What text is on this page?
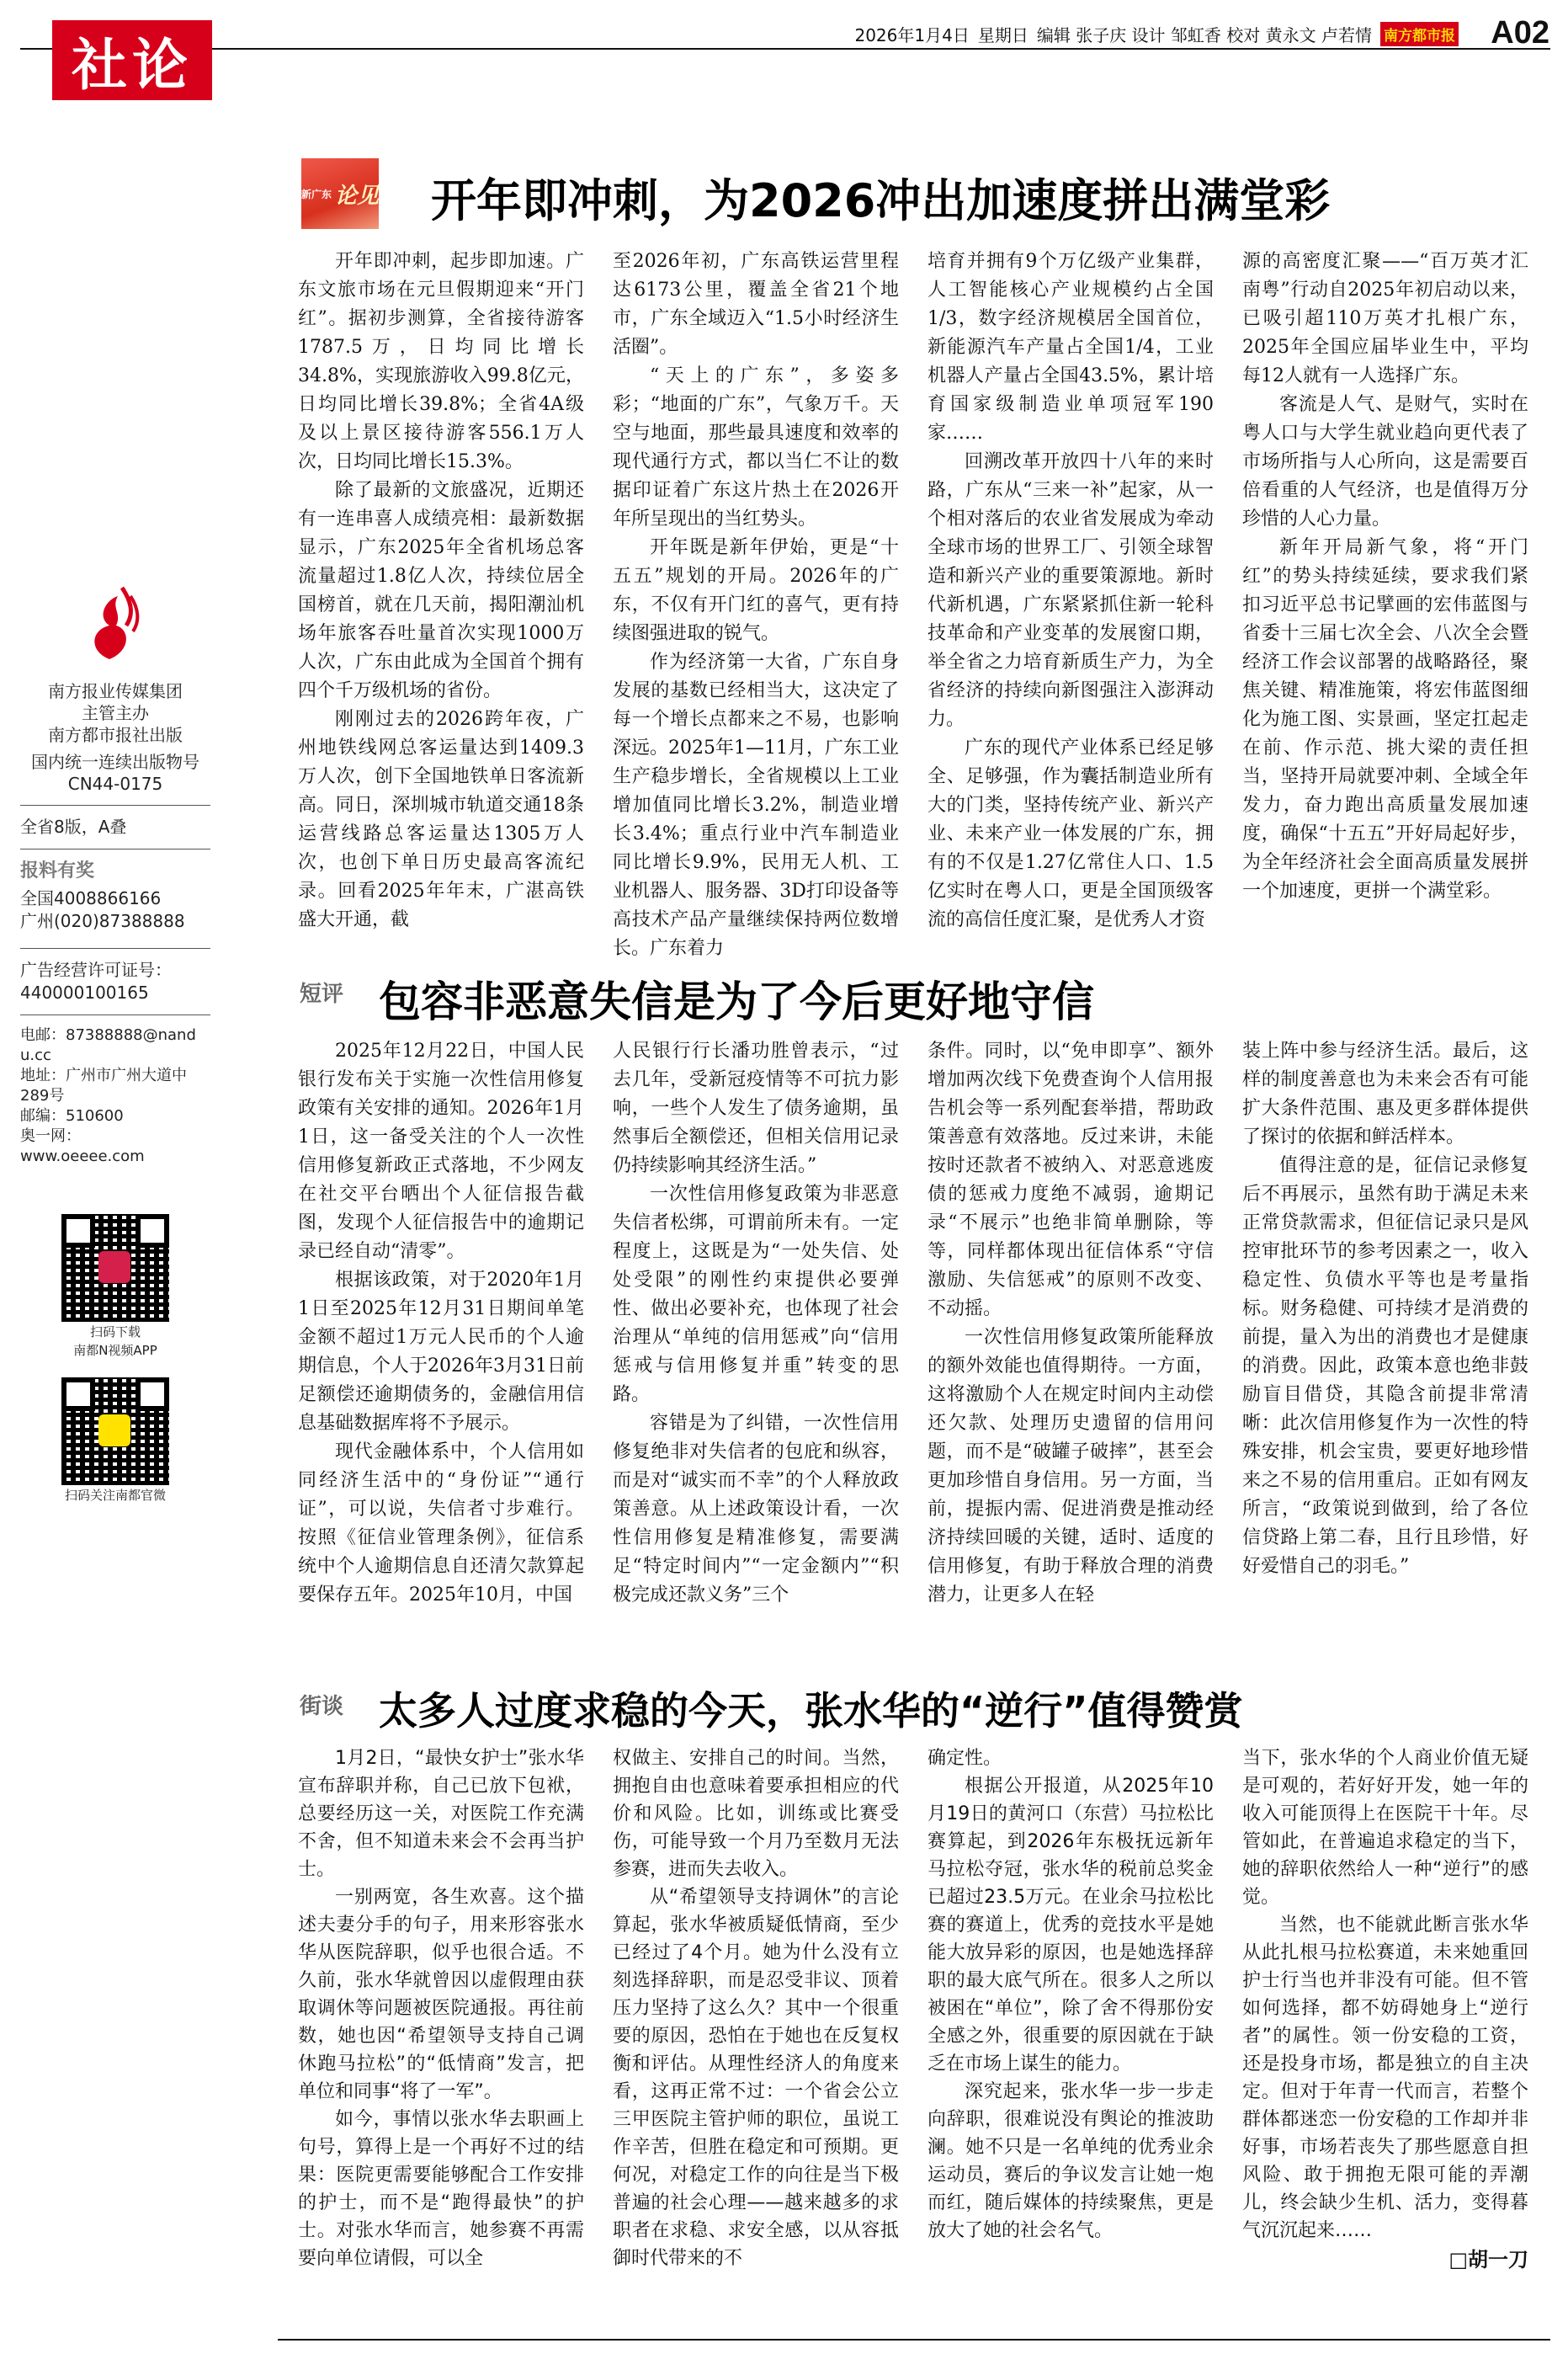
社论	2026年1月4日 星期日 编辑 张子庆 设计 邹虹香 校对 黄永文 卢若情 南方都市报 A02
南方报业传媒集团
主管主办
南方都市报社出版
国内统一连续出版物号
CN44-0175
全省8版，A叠
报料有奖
全国4008866166
广州(020)87388888
广告经营许可证号：
440000100165
电邮：87388888@nandu.cc
地址：广州市广州大道中289号
邮编：510600
奥一网：
www.oeeee.com
扫码下载
南都N视频APP
扫码关注南都官微
新广东 论见 开年即冲刺，为2026冲出加速度拼出满堂彩

开年即冲刺，起步即加速。广东文旅市场在元旦假期迎来“开门红”。据初步测算，全省接待游客1787.5万，日均同比增长34.8%，实现旅游收入99.8亿元，日均同比增长39.8%；全省4A级及以上景区接待游客556.1万人次，日均同比增长15.3%。

除了最新的文旅盛况，近期还有一连串喜人成绩亮相：最新数据显示，广东2025年全省机场总客流量超过1.8亿人次，持续位居全国榜首，就在几天前，揭阳潮汕机场年旅客吞吐量首次实现1000万人次，广东由此成为全国首个拥有四个千万级机场的省份。

刚刚过去的2026跨年夜，广州地铁线网总客运量达到1409.3万人次，创下全国地铁单日客流新高。同日，深圳城市轨道交通18条运营线路总客运量达1305万人次，也创下单日历史最高客流纪录。回看2025年年末，广湛高铁盛大开通，截

至2026年初，广东高铁运营里程达6173公里，覆盖全省21个地市，广东全域迈入“1.5小时经济生活圈”。

“天上的广东”，多姿多彩；“地面的广东”，气象万千。天空与地面，那些最具速度和效率的现代通行方式，都以当仁不让的数据印证着广东这片热土在2026开年所呈现出的当红势头。

开年既是新年伊始，更是“十五五”规划的开局。2026年的广东，不仅有开门红的喜气，更有持续图强进取的锐气。

作为经济第一大省，广东自身发展的基数已经相当大，这决定了每一个增长点都来之不易，也影响深远。2025年1—11月，广东工业生产稳步增长，全省规模以上工业增加值同比增长3.2%，制造业增长3.4%；重点行业中汽车制造业同比增长9.9%，民用无人机、工业机器人、服务器、3D打印设备等高技术产品产量继续保持两位数增长。广东着力

培育并拥有9个万亿级产业集群，人工智能核心产业规模约占全国1/3，数字经济规模居全国首位，新能源汽车产量占全国1/4，工业机器人产量占全国43.5%，累计培育国家级制造业单项冠军190家……

回溯改革开放四十八年的来时路，广东从“三来一补”起家，从一个相对落后的农业省发展成为牵动全球市场的世界工厂、引领全球智造和新兴产业的重要策源地。新时代新机遇，广东紧紧抓住新一轮科技革命和产业变革的发展窗口期，举全省之力培育新质生产力，为全省经济的持续向新图强注入澎湃动力。

广东的现代产业体系已经足够全、足够强，作为囊括制造业所有大的门类，坚持传统产业、新兴产业、未来产业一体发展的广东，拥有的不仅是1.27亿常住人口、1.5亿实时在粤人口，更是全国顶级客流的高信任度汇聚，是优秀人才资

源的高密度汇聚——“百万英才汇南粤”行动自2025年初启动以来，已吸引超110万英才扎根广东，2025年全国应届毕业生中，平均每12人就有一人选择广东。

客流是人气、是财气，实时在粤人口与大学生就业趋向更代表了市场所指与人心所向，这是需要百倍看重的人气经济，也是值得万分珍惜的人心力量。

新年开局新气象，将“开门红”的势头持续延续，要求我们紧扣习近平总书记擘画的宏伟蓝图与省委十三届七次全会、八次全会暨经济工作会议部署的战略路径，聚焦关键、精准施策，将宏伟蓝图细化为施工图、实景画，坚定扛起走在前、作示范、挑大梁的责任担当，坚持开局就要冲刺、全域全年发力，奋力跑出高质量发展加速度，确保“十五五”开好局起好步，为全年经济社会全面高质量发展拼一个加速度，更拼一个满堂彩。

短评 包容非恶意失信是为了今后更好地守信

2025年12月22日，中国人民银行发布关于实施一次性信用修复政策有关安排的通知。2026年1月1日，这一备受关注的个人一次性信用修复新政正式落地，不少网友在社交平台晒出个人征信报告截图，发现个人征信报告中的逾期记录已经自动“清零”。

根据该政策，对于2020年1月1日至2025年12月31日期间单笔金额不超过1万元人民币的个人逾期信息，个人于2026年3月31日前足额偿还逾期债务的，金融信用信息基础数据库将不予展示。

现代金融体系中，个人信用如同经济生活中的“身份证”“通行证”，可以说，失信者寸步难行。按照《征信业管理条例》，征信系统中个人逾期信息自还清欠款算起要保存五年。2025年10月，中国

人民银行行长潘功胜曾表示，“过去几年，受新冠疫情等不可抗力影响，一些个人发生了债务逾期，虽然事后全额偿还，但相关信用记录仍持续影响其经济生活。”

一次性信用修复政策为非恶意失信者松绑，可谓前所未有。一定程度上，这既是为“一处失信、处处受限”的刚性约束提供必要弹性、做出必要补充，也体现了社会治理从“单纯的信用惩戒”向“信用惩戒与信用修复并重”转变的思路。

容错是为了纠错，一次性信用修复绝非对失信者的包庇和纵容，而是对“诚实而不幸”的个人释放政策善意。从上述政策设计看，一次性信用修复是精准修复，需要满足“特定时间内”“一定金额内”“积极完成还款义务”三个

条件。同时，以“免申即享”、额外增加两次线下免费查询个人信用报告机会等一系列配套举措，帮助政策善意有效落地。反过来讲，未能按时还款者不被纳入、对恶意逃废债的惩戒力度绝不减弱，逾期记录“不展示”也绝非简单删除，等等，同样都体现出征信体系“守信激励、失信惩戒”的原则不改变、不动摇。

一次性信用修复政策所能释放的额外效能也值得期待。一方面，这将激励个人在规定时间内主动偿还欠款、处理历史遗留的信用问题，而不是“破罐子破摔”，甚至会更加珍惜自身信用。另一方面，当前，提振内需、促进消费是推动经济持续回暖的关键，适时、适度的信用修复，有助于释放合理的消费潜力，让更多人在轻

装上阵中参与经济生活。最后，这样的制度善意也为未来会否有可能扩大条件范围、惠及更多群体提供了探讨的依据和鲜活样本。

值得注意的是，征信记录修复后不再展示，虽然有助于满足未来正常贷款需求，但征信记录只是风控审批环节的参考因素之一，收入稳定性、负债水平等也是考量指标。财务稳健、可持续才是消费的前提，量入为出的消费也才是健康的消费。因此，政策本意也绝非鼓励盲目借贷，其隐含前提非常清晰：此次信用修复作为一次性的特殊安排，机会宝贵，要更好地珍惜来之不易的信用重启。正如有网友所言，“政策说到做到，给了各位信贷路上第二春，且行且珍惜，好好爱惜自己的羽毛。”

街谈 太多人过度求稳的今天，张水华的“逆行”值得赞赏

1月2日，“最快女护士”张水华宣布辞职并称，自己已放下包袱，总要经历这一关，对医院工作充满不舍，但不知道未来会不会再当护士。

一别两宽，各生欢喜。这个描述夫妻分手的句子，用来形容张水华从医院辞职，似乎也很合适。不久前，张水华就曾因以虚假理由获取调休等问题被医院通报。再往前数，她也因“希望领导支持自己调休跑马拉松”的“低情商”发言，把单位和同事“将了一军”。

如今，事情以张水华去职画上句号，算得上是一个再好不过的结果：医院更需要能够配合工作安排的护士，而不是“跑得最快”的护士。对张水华而言，她参赛不再需要向单位请假，可以全

权做主、安排自己的时间。当然，拥抱自由也意味着要承担相应的代价和风险。比如，训练或比赛受伤，可能导致一个月乃至数月无法参赛，进而失去收入。

从“希望领导支持调休”的言论算起，张水华被质疑低情商，至少已经过了4个月。她为什么没有立刻选择辞职，而是忍受非议、顶着压力坚持了这么久？其中一个很重要的原因，恐怕在于她也在反复权衡和评估。从理性经济人的角度来看，这再正常不过：一个省会公立三甲医院主管护师的职位，虽说工作辛苦，但胜在稳定和可预期。更何况，对稳定工作的向往是当下极普遍的社会心理——越来越多的求职者在求稳、求安全感，以从容抵御时代带来的不

确定性。

根据公开报道，从2025年10月19日的黄河口（东营）马拉松比赛算起，到2026年东极抚远新年马拉松夺冠，张水华的税前总奖金已超过23.5万元。在业余马拉松比赛的赛道上，优秀的竞技水平是她能大放异彩的原因，也是她选择辞职的最大底气所在。很多人之所以被困在“单位”，除了舍不得那份安全感之外，很重要的原因就在于缺乏在市场上谋生的能力。

深究起来，张水华一步一步走向辞职，很难说没有舆论的推波助澜。她不只是一名单纯的优秀业余运动员，赛后的争议发言让她一炮而红，随后媒体的持续聚焦，更是放大了她的社会名气。

当下，张水华的个人商业价值无疑是可观的，若好好开发，她一年的收入可能顶得上在医院干十年。尽管如此，在普遍追求稳定的当下，她的辞职依然给人一种“逆行”的感觉。

当然，也不能就此断言张水华从此扎根马拉松赛道，未来她重回护士行当也并非没有可能。但不管如何选择，都不妨碍她身上“逆行者”的属性。领一份安稳的工资，还是投身市场，都是独立的自主决定。但对于年青一代而言，若整个群体都迷恋一份安稳的工作却并非好事，市场若丧失了那些愿意自担风险、敢于拥抱无限可能的弄潮儿，终会缺少生机、活力，变得暮气沉沉起来……

□胡一刀
